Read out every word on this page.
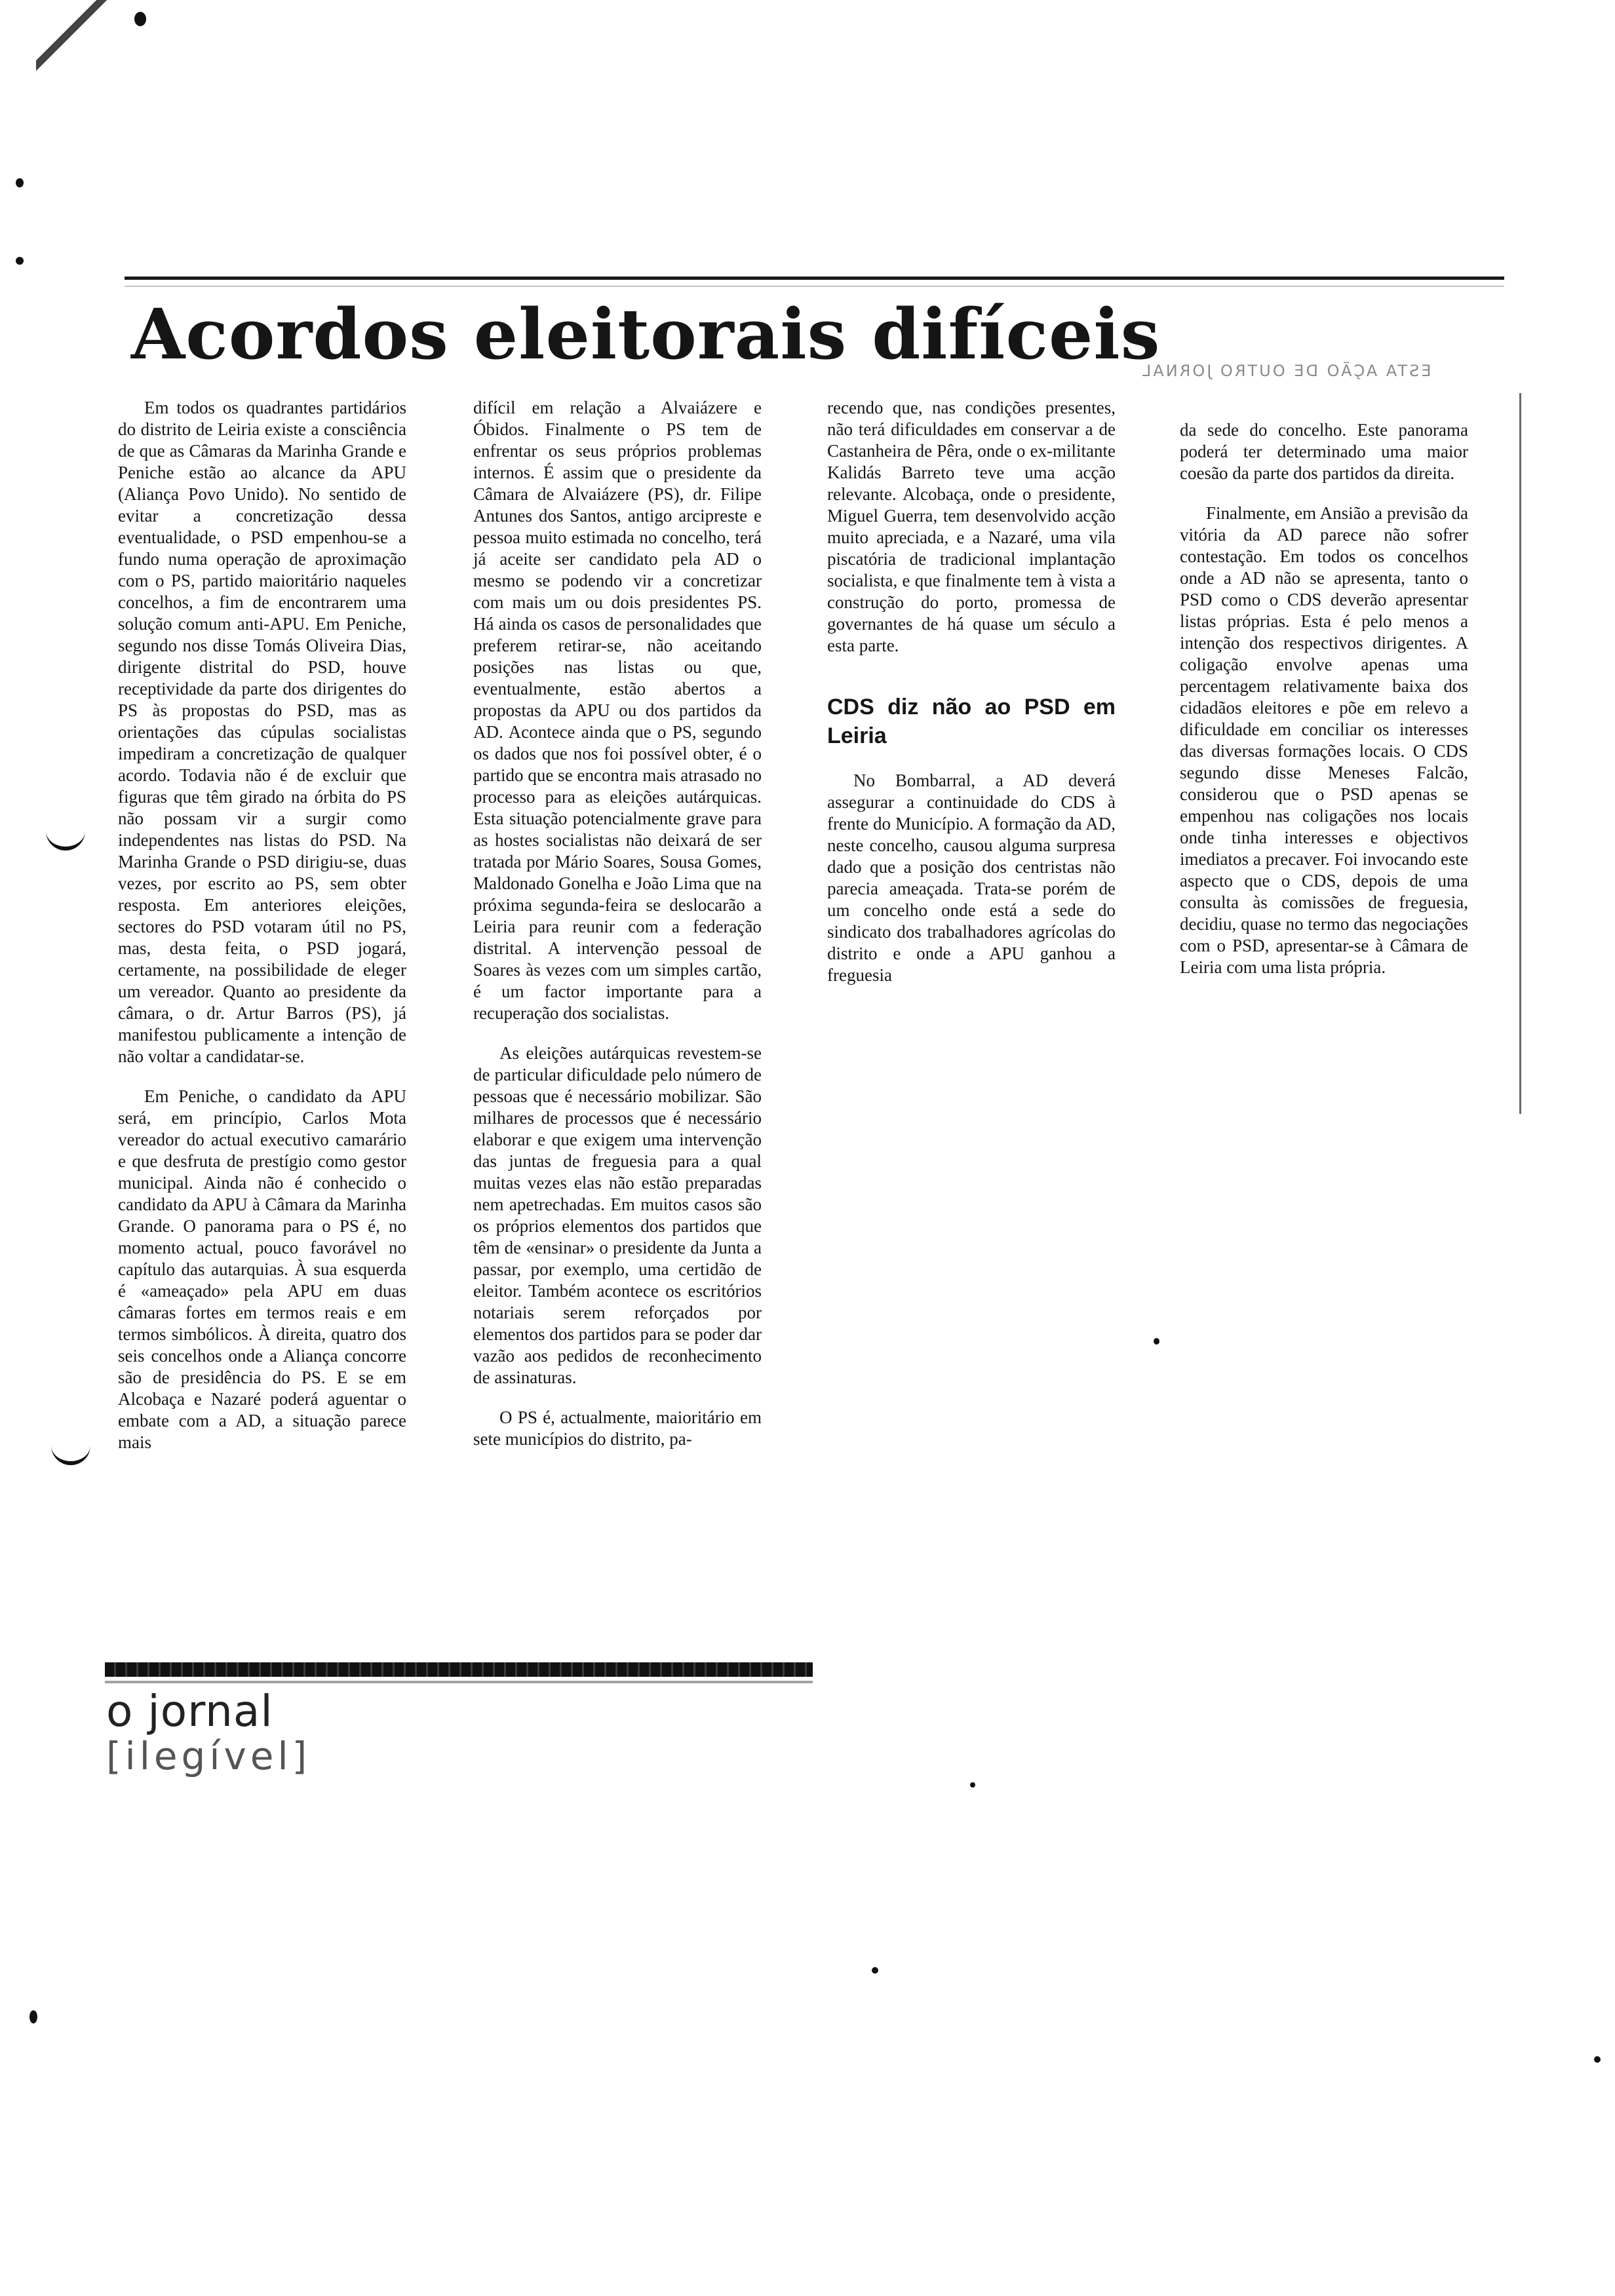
Acordos eleitorais difíceis
ESTA AÇÃO DE OUTRO JORNAL

Em todos os quadrantes partidários do distrito de Leiria existe a consciência de que as Câmaras da Marinha Grande e Peniche estão ao alcance da APU (Aliança Povo Unido). No sentido de evitar a concretização dessa eventualidade, o PSD empenhou-se a fundo numa operação de aproximação com o PS, partido maioritário naqueles concelhos, a fim de encontrarem uma solução comum anti-APU. Em Peniche, segundo nos disse Tomás Oliveira Dias, dirigente distrital do PSD, houve receptividade da parte dos dirigentes do PS às propostas do PSD, mas as orientações das cúpulas socialistas impediram a concretização de qualquer acordo. Todavia não é de excluir que figuras que têm girado na órbita do PS não possam vir a surgir como independentes nas listas do PSD. Na Marinha Grande o PSD dirigiu-se, duas vezes, por escrito ao PS, sem obter resposta. Em anteriores eleições, sectores do PSD votaram útil no PS, mas, desta feita, o PSD jogará, certamente, na possibilidade de eleger um vereador. Quanto ao presidente da câmara, o dr. Artur Barros (PS), já manifestou publicamente a intenção de não voltar a candidatar-se.

Em Peniche, o candidato da APU será, em princípio, Carlos Mota vereador do actual executivo camarário e que desfruta de prestígio como gestor municipal. Ainda não é conhecido o candidato da APU à Câmara da Marinha Grande. O panorama para o PS é, no momento actual, pouco favorável no capítulo das autarquias. À sua esquerda é «ameaçado» pela APU em duas câmaras fortes em termos reais e em termos simbólicos. À direita, quatro dos seis concelhos onde a Aliança concorre são de presidência do PS. E se em Alcobaça e Nazaré poderá aguentar o embate com a AD, a situação parece mais

difícil em relação a Alvaiázere e Óbidos. Finalmente o PS tem de enfrentar os seus próprios problemas internos. É assim que o presidente da Câmara de Alvaiázere (PS), dr. Filipe Antunes dos Santos, antigo arcipreste e pessoa muito estimada no concelho, terá já aceite ser candidato pela AD o mesmo se podendo vir a concretizar com mais um ou dois presidentes PS. Há ainda os casos de personalidades que preferem retirar-se, não aceitando posições nas listas ou que, eventualmente, estão abertos a propostas da APU ou dos partidos da AD. Acontece ainda que o PS, segundo os dados que nos foi possível obter, é o partido que se encontra mais atrasado no processo para as eleições autárquicas. Esta situação potencialmente grave para as hostes socialistas não deixará de ser tratada por Mário Soares, Sousa Gomes, Maldonado Gonelha e João Lima que na próxima segunda-feira se deslocarão a Leiria para reunir com a federação distrital. A intervenção pessoal de Soares às vezes com um simples cartão, é um factor importante para a recuperação dos socialistas.

As eleições autárquicas revestem-se de particular dificuldade pelo número de pessoas que é necessário mobilizar. São milhares de processos que é necessário elaborar e que exigem uma intervenção das juntas de freguesia para a qual muitas vezes elas não estão preparadas nem apetrechadas. Em muitos casos são os próprios elementos dos partidos que têm de «ensinar» o presidente da Junta a passar, por exemplo, uma certidão de eleitor. Também acontece os escritórios notariais serem reforçados por elementos dos partidos para se poder dar vazão aos pedidos de reconhecimento de assinaturas.

O PS é, actualmente, maioritário em sete municípios do distrito, pa-

recendo que, nas condições presentes, não terá dificuldades em conservar a de Castanheira de Pêra, onde o ex-militante Kalidás Barreto teve uma acção relevante. Alcobaça, onde o presidente, Miguel Guerra, tem desenvolvido acção muito apreciada, e a Nazaré, uma vila piscatória de tradicional implantação socialista, e que finalmente tem à vista a construção do porto, promessa de governantes de há quase um século a esta parte.

CDS diz não ao PSD em Leiria

No Bombarral, a AD deverá assegurar a continuidade do CDS à frente do Município. A formação da AD, neste concelho, causou alguma surpresa dado que a posição dos centristas não parecia ameaçada. Trata-se porém de um concelho onde está a sede do sindicato dos trabalhadores agrícolas do distrito e onde a APU ganhou a freguesia

da sede do concelho. Este panorama poderá ter determinado uma maior coesão da parte dos partidos da direita.

Finalmente, em Ansião a previsão da vitória da AD parece não sofrer contestação. Em todos os concelhos onde a AD não se apresenta, tanto o PSD como o CDS deverão apresentar listas próprias. Esta é pelo menos a intenção dos respectivos dirigentes. A coligação envolve apenas uma percentagem relativamente baixa dos cidadãos eleitores e põe em relevo a dificuldade em conciliar os interesses das diversas formações locais. O CDS segundo disse Meneses Falcão, considerou que o PSD apenas se empenhou nas coligações nos locais onde tinha interesses e objectivos imediatos a precaver. Foi invocando este aspecto que o CDS, depois de uma consulta às comissões de freguesia, decidiu, quase no termo das negociações com o PSD, apresentar-se à Câmara de Leiria com uma lista própria.

o jornal
[ilegível]
